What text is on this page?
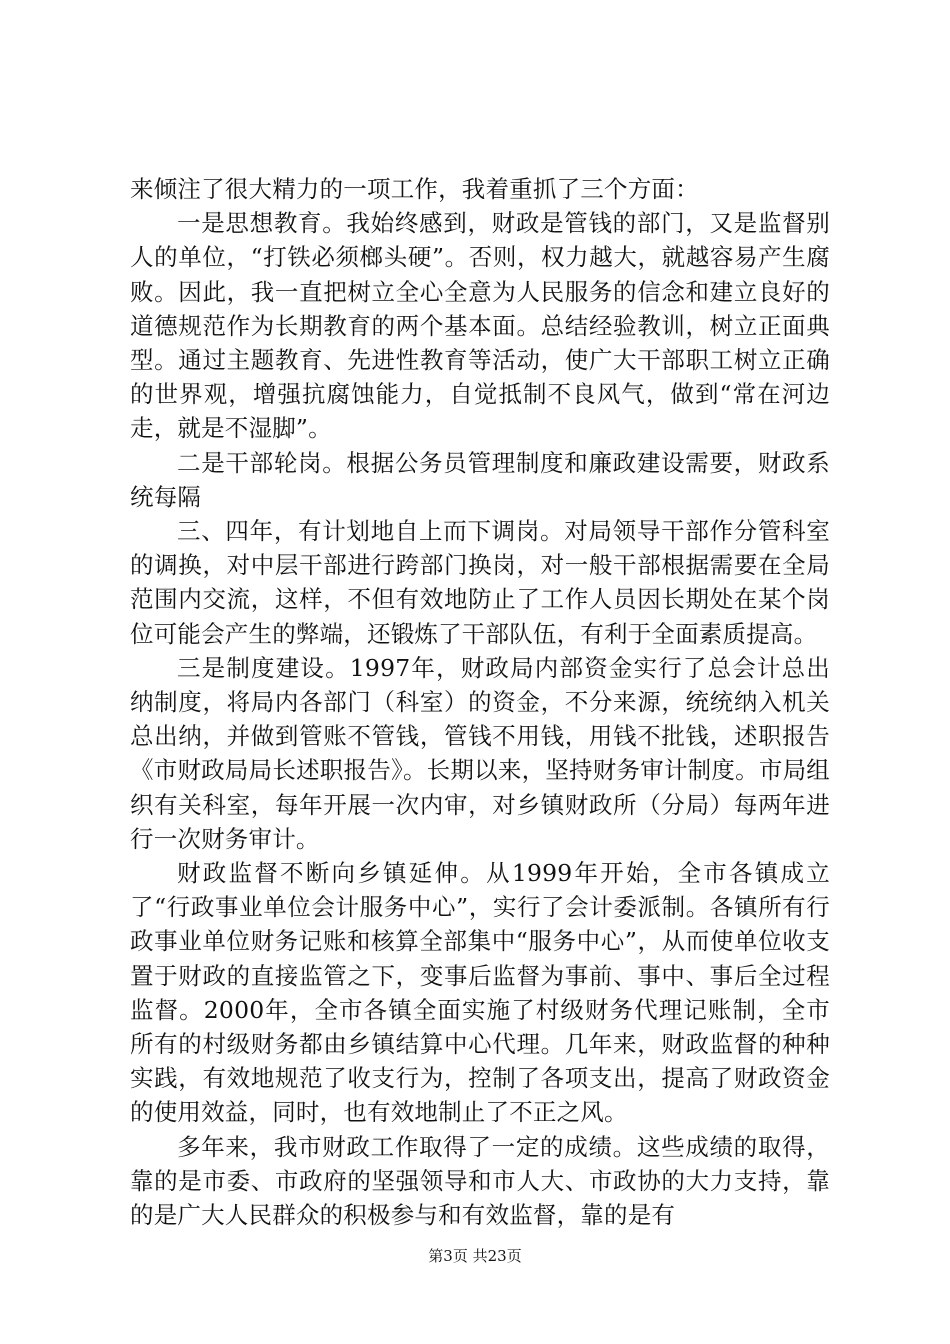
来倾注了很大精力的一项工作，我着重抓了三个方面：

一是思想教育。我始终感到，财政是管钱的部门，又是监督别人的单位，“打铁必须榔头硬”。否则，权力越大，就越容易产生腐败。因此，我一直把树立全心全意为人民服务的信念和建立良好的道德规范作为长期教育的两个基本面。总结经验教训，树立正面典型。通过主题教育、先进性教育等活动，使广大干部职工树立正确的世界观，增强抗腐蚀能力，自觉抵制不良风气，做到“常在河边走，就是不湿脚”。

二是干部轮岗。根据公务员管理制度和廉政建设需要，财政系统每隔

三、四年，有计划地自上而下调岗。对局领导干部作分管科室的调换，对中层干部进行跨部门换岗，对一般干部根据需要在全局范围内交流，这样，不但有效地防止了工作人员因长期处在某个岗位可能会产生的弊端，还锻炼了干部队伍，有利于全面素质提高。

三是制度建设。1997年，财政局内部资金实行了总会计总出纳制度，将局内各部门（科室）的资金，不分来源，统统纳入机关总出纳，并做到管账不管钱，管钱不用钱，用钱不批钱，述职报告《市财政局局长述职报告》。长期以来，坚持财务审计制度。市局组织有关科室，每年开展一次内审，对乡镇财政所（分局）每两年进行一次财务审计。

财政监督不断向乡镇延伸。从1999年开始，全市各镇成立了“行政事业单位会计服务中心”，实行了会计委派制。各镇所有行政事业单位财务记账和核算全部集中“服务中心”，从而使单位收支置于财政的直接监管之下，变事后监督为事前、事中、事后全过程监督。2000年，全市各镇全面实施了村级财务代理记账制，全市所有的村级财务都由乡镇结算中心代理。几年来，财政监督的种种实践，有效地规范了收支行为，控制了各项支出，提高了财政资金的使用效益，同时，也有效地制止了不正之风。

多年来，我市财政工作取得了一定的成绩。这些成绩的取得，靠的是市委、市政府的坚强领导和市人大、市政协的大力支持，靠的是广大人民群众的积极参与和有效监督，靠的是有

第3页 共23页
